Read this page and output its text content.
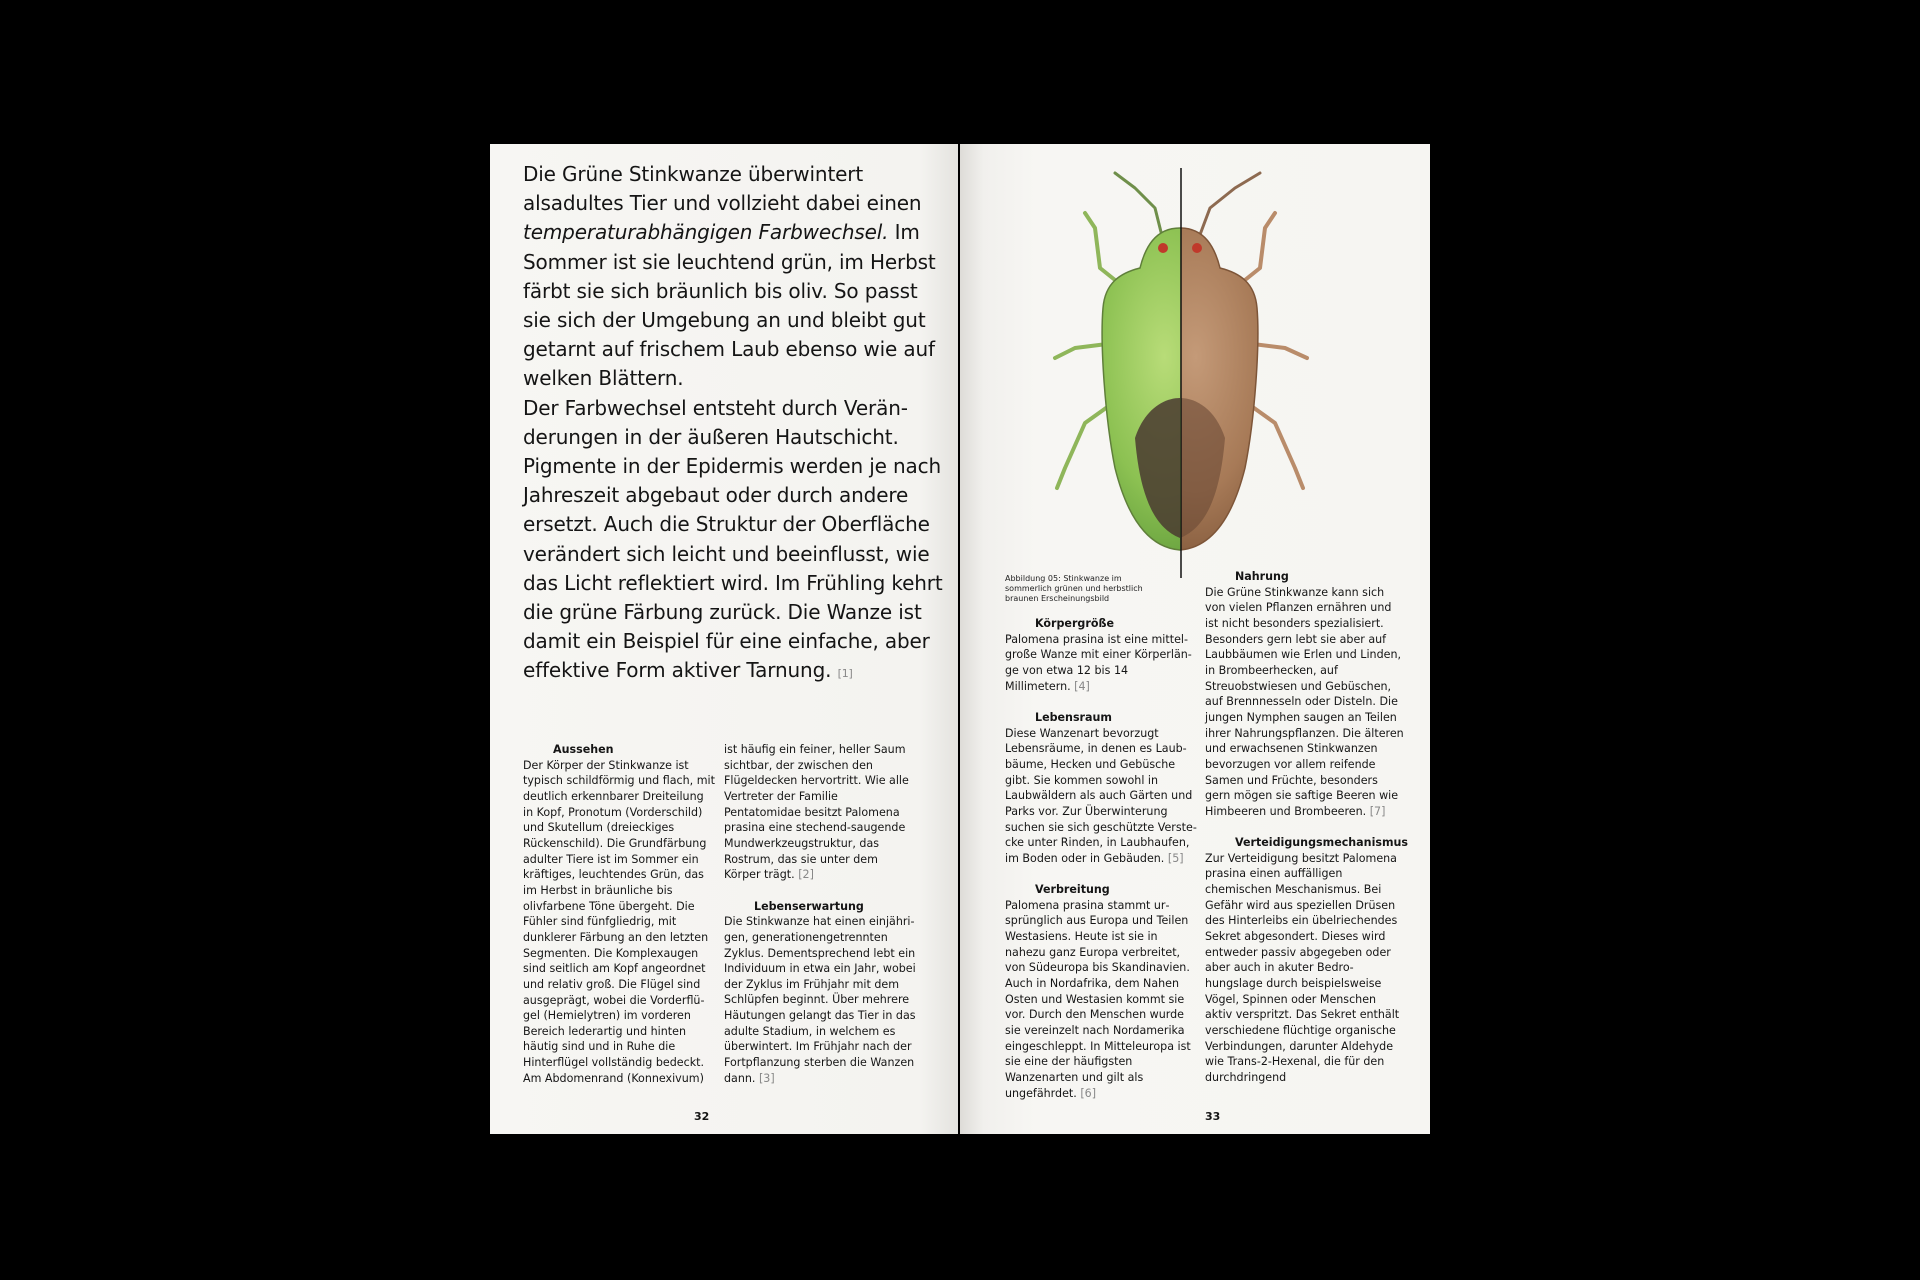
Die Grüne Stinkwanze überwintert alsadultes Tier und vollzieht dabei einen temperaturabhängigen Farbwechsel. Im Sommer ist sie leuchtend grün, im Herbst färbt sie sich bräunlich bis oliv. So passt sie sich der Umgebung an und bleibt gut getarnt auf frischem Laub ebenso wie auf welken Blättern.

Der Farbwechsel entsteht durch Veränderungen in der äußeren Hautschicht. Pigmente in der Epidermis werden je nach Jahreszeit abgebaut oder durch andere ersetzt. Auch die Struktur der Oberfläche verändert sich leicht und beeinflusst, wie das Licht reflektiert wird. Im Frühling kehrt die grüne Färbung zurück. Die Wanze ist damit ein Beispiel für eine einfache, aber effektive Form aktiver Tarnung. [1]

Aussehen

Der Körper der Stinkwanze ist typisch schildförmig und flach, mit deutlich erkennbarer Dreiteilung in Kopf, Pronotum (Vorderschild) und Skutellum (dreieckiges Rückenschild). Die Grundfärbung adulter Tiere ist im Sommer ein kräftiges, leuchtendes Grün, das im Herbst in bräunliche bis olivfarbene Töne übergeht. Die Fühler sind fünfgliedrig, mit dunklerer Färbung an den letzten Segmenten. Die Komplexaugen sind seitlich am Kopf angeordnet und relativ groß. Die Flügel sind ausgeprägt, wobei die Vorderflügel (Hemielytren) im vorderen Bereich lederartig und hinten häutig sind und in Ruhe die Hinterflügel vollständig bedeckt. Am Abdomenrand (Konnexivum)

ist häufig ein feiner, heller Saum sichtbar, der zwischen den Flügeldecken hervortritt. Wie alle Vertreter der Familie Pentatomidae besitzt Palomena prasina eine stechend-saugende Mundwerkzeugstruktur, das Rostrum, das sie unter dem Körper trägt. [2]

Lebenserwartung

Die Stinkwanze hat einen einjährigen, generationengetrennten Zyklus. Dementsprechend lebt ein Individuum in etwa ein Jahr, wobei der Zyklus im Frühjahr mit dem Schlüpfen beginnt. Über mehrere Häutungen gelangt das Tier in das adulte Stadium, in welchem es überwintert. Im Frühjahr nach der Fortpflanzung sterben die Wanzen dann. [3]

32
Abbildung 05: Stinkwanze im sommerlich grünen und herbstlich braunen Erscheinungsbild
Körpergröße

Palomena prasina ist eine mittelgroße Wanze mit einer Körperlänge von etwa 12 bis 14 Millimetern. [4]

Lebensraum

Diese Wanzenart bevorzugt Lebensräume, in denen es Laubbäume, Hecken und Gebüsche gibt. Sie kommen sowohl in Laubwäldern als auch Gärten und Parks vor. Zur Überwinterung suchen sie sich geschützte Verstecke unter Rinden, in Laubhaufen, im Boden oder in Gebäuden. [5]

Verbreitung

Palomena prasina stammt ursprünglich aus Europa und Teilen Westasiens. Heute ist sie in nahezu ganz Europa verbreitet, von Südeuropa bis Skandinavien. Auch in Nordafrika, dem Nahen Osten und Westasien kommt sie vor. Durch den Menschen wurde sie vereinzelt nach Nordamerika eingeschleppt. In Mitteleuropa ist sie eine der häufigsten Wanzenarten und gilt als ungefährdet. [6]

Nahrung

Die Grüne Stinkwanze kann sich von vielen Pflanzen ernähren und ist nicht besonders spezialisiert. Besonders gern lebt sie aber auf Laubbäumen wie Erlen und Linden, in Brombeerhecken, auf Streuobstwiesen und Gebüschen, auf Brennnesseln oder Disteln. Die jungen Nymphen saugen an Teilen ihrer Nahrungspflanzen. Die älteren und erwachsenen Stinkwanzen bevorzugen vor allem reifende Samen und Früchte, besonders gern mögen sie saftige Beeren wie Himbeeren und Brombeeren. [7]

Verteidigungsmechanismus

Zur Verteidigung besitzt Palomena prasina einen auffälligen chemischen Meschanismus. Bei Gefähr wird aus speziellen Drüsen des Hinterleibs ein übelriechendes Sekret abgesondert. Dieses wird entweder passiv abgegeben oder aber auch in akuter Bedrohungslage durch beispielsweise Vögel, Spinnen oder Menschen aktiv verspritzt. Das Sekret enthält verschiedene flüchtige organische Verbindungen, darunter Aldehyde wie Trans-2-Hexenal, die für den durchdringend

33
